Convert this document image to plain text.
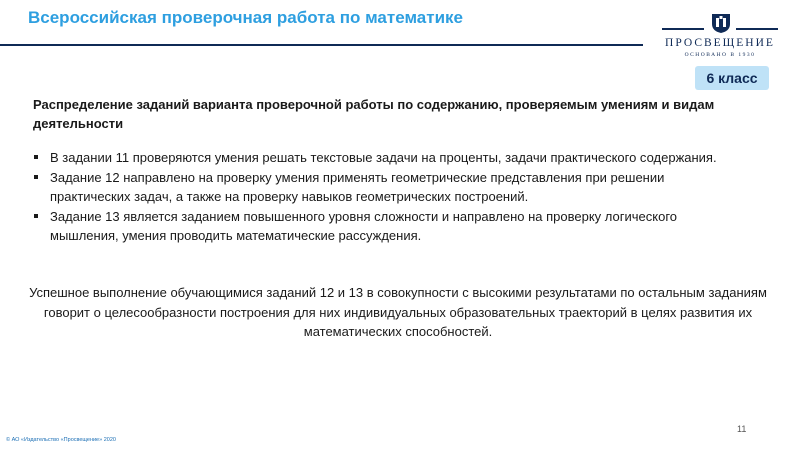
Всероссийская проверочная работа по математике
ПРОСВЕЩЕНИЕ
ОСНОВАНО В 1930
6 класс
Распределение заданий варианта проверочной работы по содержанию, проверяемым умениям и видам деятельности
В задании 11 проверяются умения решать текстовые задачи на проценты, задачи практического содержания.
Задание 12 направлено на проверку умения применять геометрические представления при решении практических задач, а также на проверку навыков геометрических построений.
Задание 13 является заданием повышенного уровня сложности и направлено на проверку логического мышления, умения проводить математические рассуждения.
Успешное выполнение обучающимися заданий 12 и 13 в совокупности с высокими результатами по остальным заданиям говорит о целесообразности построения для них индивидуальных образовательных траекторий в целях развития их математических способностей.
11
© АО «Издательство «Просвещение» 2020
